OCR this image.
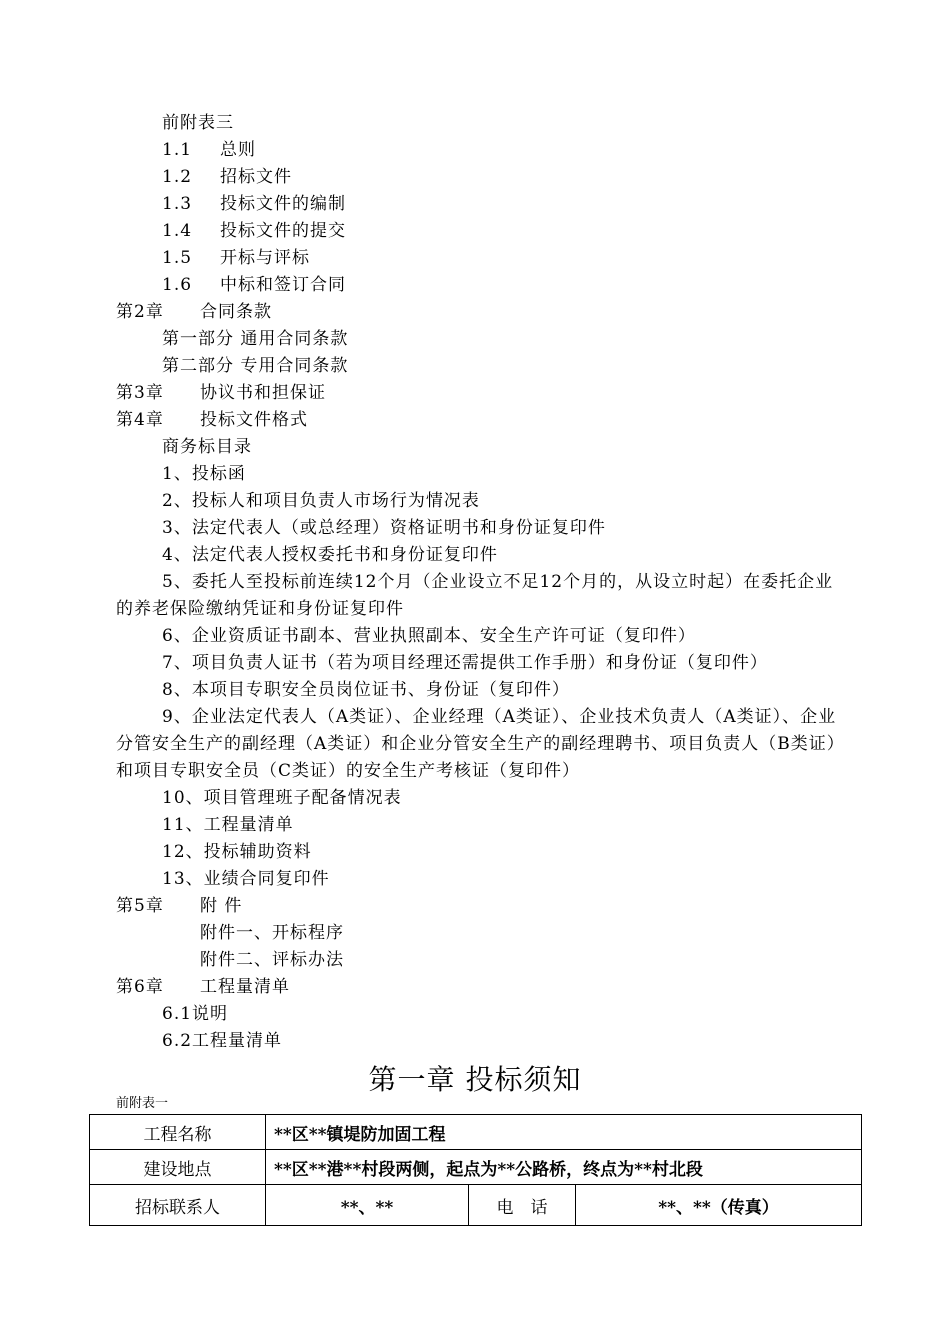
前附表三
1.1 总则
1.2 招标文件
1.3 投标文件的编制
1.4 投标文件的提交
1.5 开标与评标
1.6 中标和签订合同
第2章 合同条款
第一部分 通用合同条款
第二部分 专用合同条款
第3章 协议书和担保证
第4章 投标文件格式
商务标目录
1、投标函
2、投标人和项目负责人市场行为情况表
3、法定代表人（或总经理）资格证明书和身份证复印件
4、法定代表人授权委托书和身份证复印件
5、委托人至投标前连续12个月（企业设立不足12个月的，从设立时起）在委托企业的养老保险缴纳凭证和身份证复印件
6、企业资质证书副本、营业执照副本、安全生产许可证（复印件）
7、项目负责人证书（若为项目经理还需提供工作手册）和身份证（复印件）
8、本项目专职安全员岗位证书、身份证（复印件）
9、企业法定代表人（A类证）、企业经理（A类证）、企业技术负责人（A类证）、企业分管安全生产的副经理（A类证）和企业分管安全生产的副经理聘书、项目负责人（B类证）和项目专职安全员（C类证）的安全生产考核证（复印件）
10、项目管理班子配备情况表
11、工程量清单
12、投标辅助资料
13、业绩合同复印件
第5章 附 件
附件一、开标程序
附件二、评标办法
第6章 工程量清单
6.1说明
6.2工程量清单
第一章 投标须知
前附表一
工程名称	**区**镇堤防加固工程		
建设地点	**区**港**村段两侧，起点为**公路桥，终点为**村北段		
招标联系人	**、**	电　话	**、**（传真）
